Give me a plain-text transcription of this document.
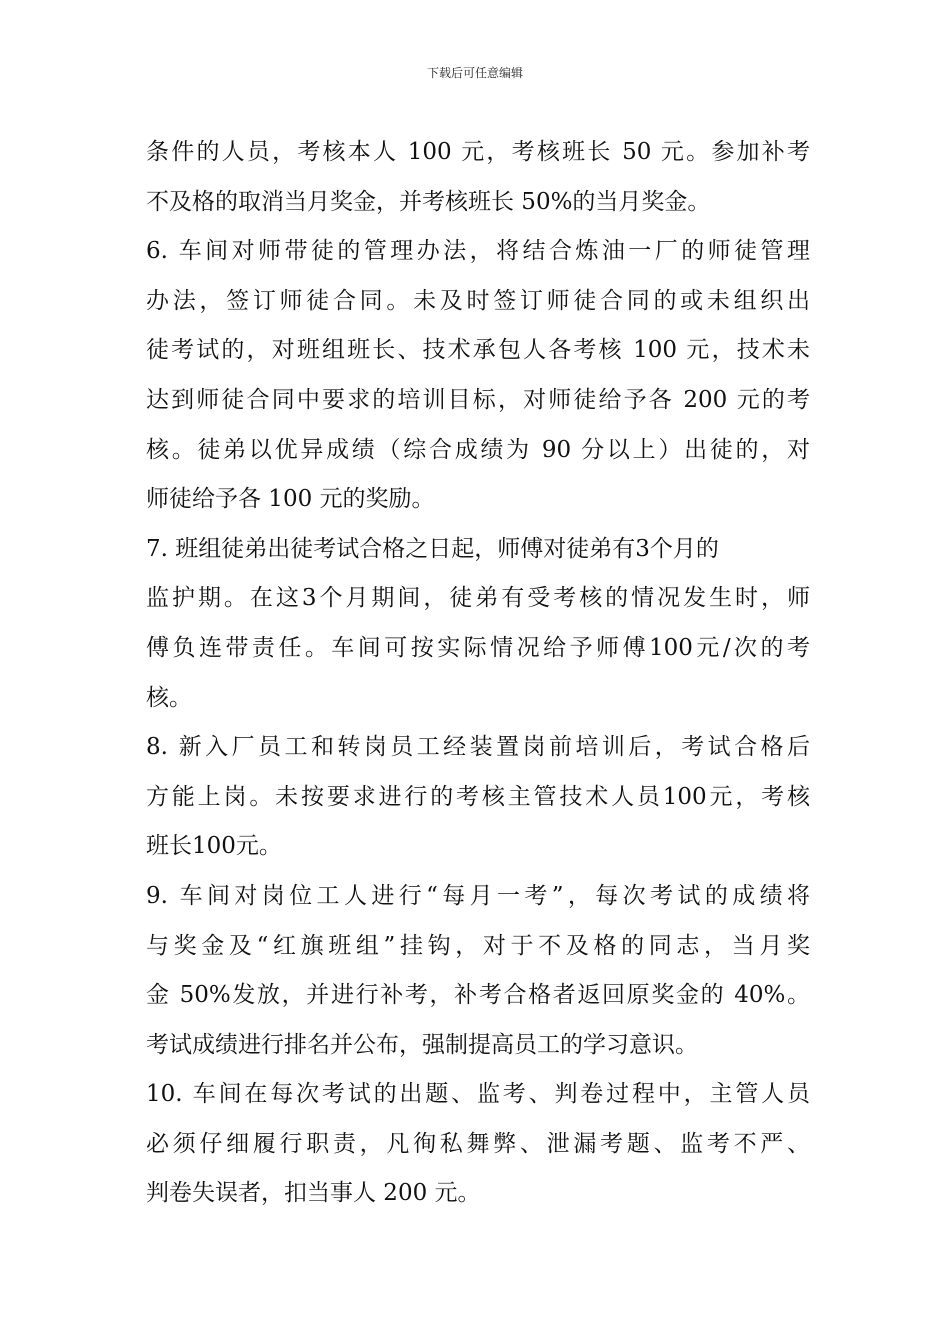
下载后可任意编辑
条件的人员，考核本人 100 元，考核班长 50 元。参加补考
不及格的取消当月奖金，并考核班长 50%的当月奖金。
6. 车间对师带徒的管理办法，将结合炼油一厂的师徒管理
办法，签订师徒合同。未及时签订师徒合同的或未组织出
徒考试的，对班组班长、技术承包人各考核 100 元，技术未
达到师徒合同中要求的培训目标，对师徒给予各 200 元的考
核。徒弟以优异成绩（综合成绩为 90 分以上）出徒的，对
师徒给予各 100 元的奖励。
7. 班组徒弟出徒考试合格之日起，师傅对徒弟有3个月的
监护期。在这3个月期间，徒弟有受考核的情况发生时，师
傅负连带责任。车间可按实际情况给予师傅100元/次的考
核。
8. 新入厂员工和转岗员工经装置岗前培训后，考试合格后
方能上岗。未按要求进行的考核主管技术人员100元，考核
班长100元。
9. 车间对岗位工人进行“每月一考”，每次考试的成绩将
与奖金及“红旗班组”挂钩，对于不及格的同志，当月奖
金 50%发放，并进行补考，补考合格者返回原奖金的 40%。
考试成绩进行排名并公布，强制提高员工的学习意识。
10. 车间在每次考试的出题、监考、判卷过程中，主管人员
必须仔细履行职责，凡徇私舞弊、泄漏考题、监考不严、
判卷失误者，扣当事人 200 元。
